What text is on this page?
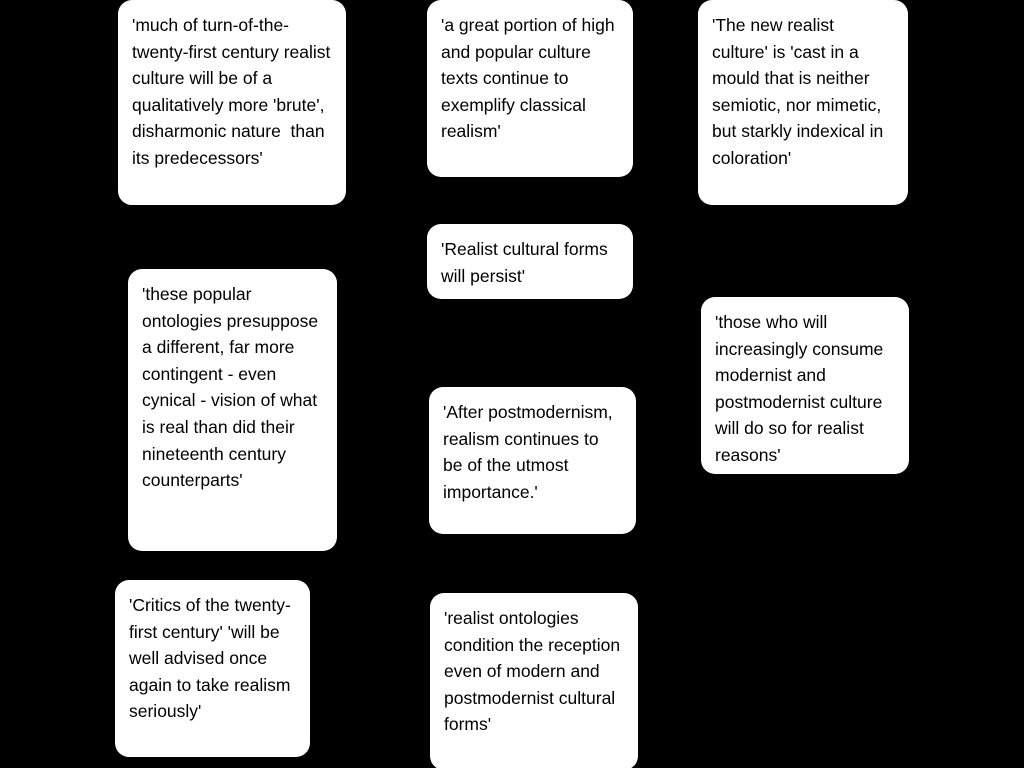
'much of turn-of-the-twenty-first century realist culture will be of a qualitatively more 'brute', disharmonic nature  than its predecessors'
'a great portion of high and popular culture texts continue to exemplify classical realism'
'The new realist culture' is 'cast in a mould that is neither semiotic, nor mimetic, but starkly indexical in coloration'
'Realist cultural forms will persist'
'these popular ontologies presuppose a different, far more contingent - even cynical - vision of what is real than did their nineteenth century counterparts'
'those who will increasingly consume modernist and postmodernist culture will do so for realist reasons'
'After postmodernism, realism continues to be of the utmost importance.'
'Critics of the twenty-first century' 'will be well advised once again to take realism seriously'
'realist ontologies condition the reception even of modern and postmodernist cultural forms'
